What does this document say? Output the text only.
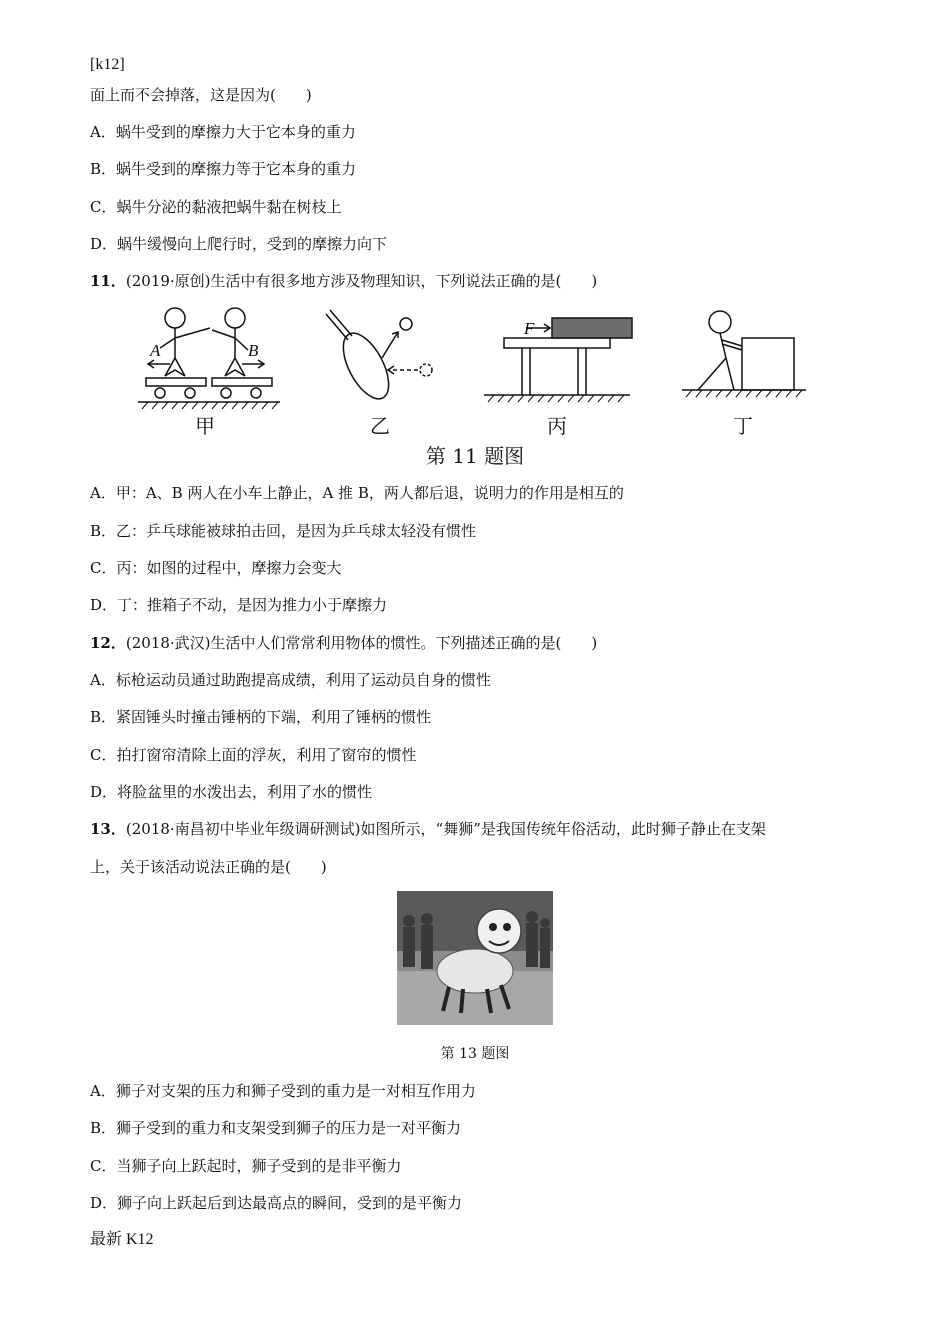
[k12]
面上而不会掉落，这是因为(　　)
A．蜗牛受到的摩擦力大于它本身的重力
B．蜗牛受到的摩擦力等于它本身的重力
C．蜗牛分泌的黏液把蜗牛黏在树枝上
D．蜗牛缓慢向上爬行时，受到的摩擦力向下
11．(2019·原创)生活中有很多地方涉及物理知识，下列说法正确的是(　　)
A	B
F
甲	乙	丙	丁
第 11 题图
A．甲：A、B 两人在小车上静止，A 推 B，两人都后退，说明力的作用是相互的
B．乙：乒乓球能被球拍击回，是因为乒乓球太轻没有惯性
C．丙：如图的过程中，摩擦力会变大
D．丁：推箱子不动，是因为推力小于摩擦力
12．(2018·武汉)生活中人们常常利用物体的惯性。下列描述正确的是(　　)
A．标枪运动员通过助跑提高成绩，利用了运动员自身的惯性
B．紧固锤头时撞击锤柄的下端，利用了锤柄的惯性
C．拍打窗帘清除上面的浮灰，利用了窗帘的惯性
D．将脸盆里的水泼出去，利用了水的惯性
13．(2018·南昌初中毕业年级调研测试)如图所示，“舞狮”是我国传统年俗活动，此时狮子静止在支架
上，关于该活动说法正确的是(　　)
第 13 题图
A．狮子对支架的压力和狮子受到的重力是一对相互作用力
B．狮子受到的重力和支架受到狮子的压力是一对平衡力
C．当狮子向上跃起时，狮子受到的是非平衡力
D．狮子向上跃起后到达最高点的瞬间，受到的是平衡力
最新 K12
